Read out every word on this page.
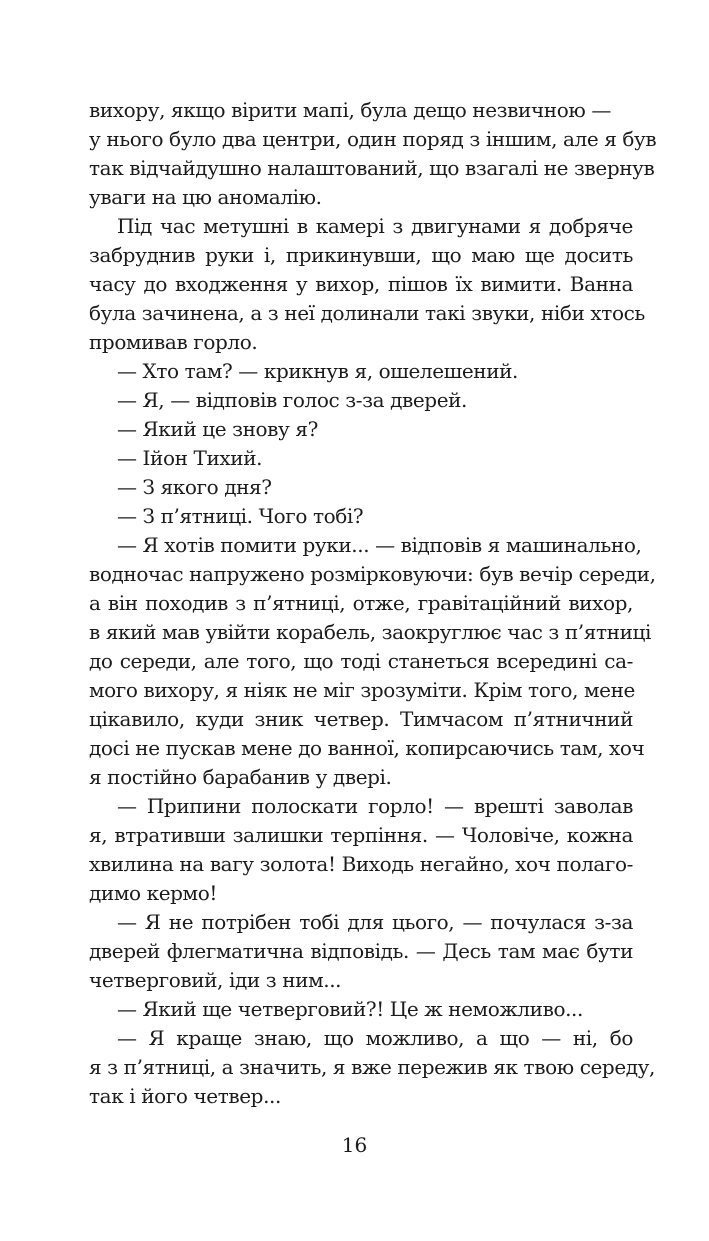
вихору, якщо вірити мапі, була дещо незвичною —
у нього було два центри, один поряд з іншим, але я був
так відчайдушно налаштований, що взагалі не звернув
уваги на цю аномалію.
Під час метушні в камері з двигунами я добряче
забруднив руки і, прикинувши, що маю ще досить
часу до входження у вихор, пішов їх вимити. Ванна
була зачинена, а з неї долинали такі звуки, ніби хтось
промивав горло.
— Хто там? — крикнув я, ошелешений.
— Я, — відповів голос з-за дверей.
— Який це знову я?
— Ійон Тихий.
— З якого дня?
— З п’ятниці. Чого тобі?
— Я хотів помити руки... — відповів я машинально,
водночас напружено розмірковуючи: був вечір середи,
а він походив з п’ятниці, отже, гравітаційний вихор,
в який мав увійти корабель, заокруглює час з п’ятниці
до середи, але того, що тоді станеться всередині са-
мого вихору, я ніяк не міг зрозуміти. Крім того, мене
цікавило, куди зник четвер. Тимчасом п’ятничний
досі не пускав мене до ванної, копирсаючись там, хоч
я постійно барабанив у двері.
— Припини полоскати горло! — врешті заволав
я, втративши залишки терпіння. — Чоловіче, кожна
хвилина на вагу золота! Виходь негайно, хоч полаго-
димо кермо!
— Я не потрібен тобі для цього, — почулася з-за
дверей флегматична відповідь. — Десь там має бути
четверговий, іди з ним...
— Який ще четверговий?! Це ж неможливо...
— Я краще знаю, що можливо, а що — ні, бо
я з п’ятниці, а значить, я вже пережив як твою середу,
так і його четвер...
16
